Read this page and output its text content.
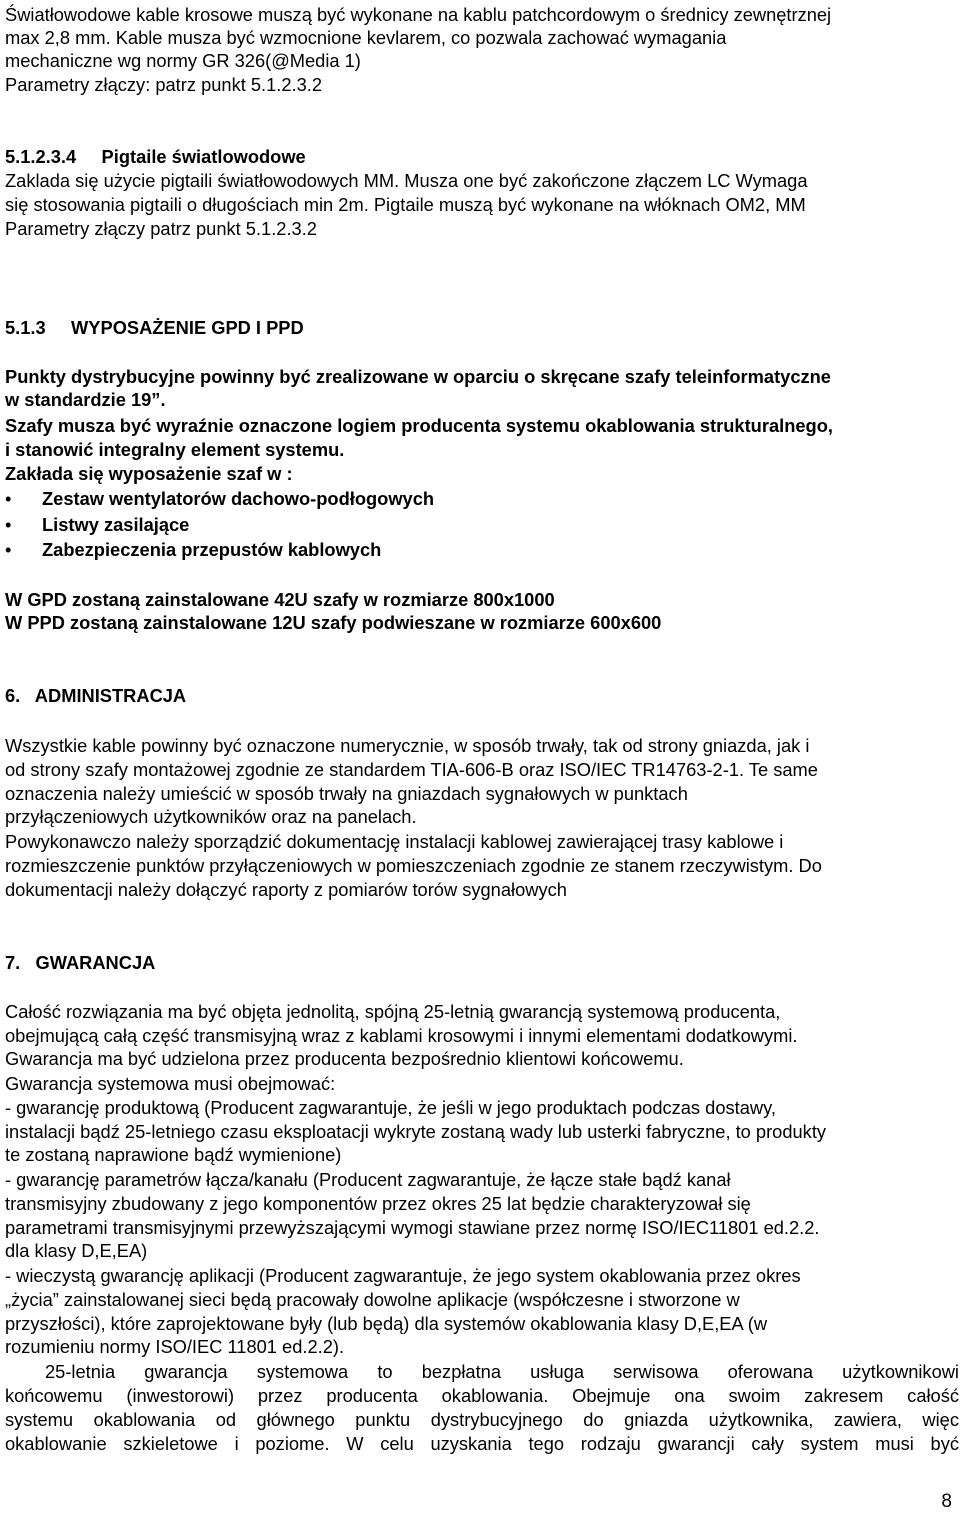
Światłowodowe kable krosowe muszą być wykonane na kablu patchcordowym o średnicy zewnętrznej

max 2,8 mm. Kable musza być wzmocnione kevlarem, co pozwala zachować wymagania

mechaniczne wg normy GR 326(@Media 1)

Parametry złączy: patrz punkt 5.1.2.3.2

5.1.2.3.4     Pigtaile światlowodowe

Zaklada się użycie pigtaili światłowodowych MM. Musza one być zakończone złączem LC Wymaga

się stosowania pigtaili o długościach min 2m. Pigtaile muszą być wykonane na włóknach OM2, MM

Parametry złączy patrz punkt 5.1.2.3.2

5.1.3     WYPOSAŻENIE GPD I PPD

Punkty dystrybucyjne powinny być zrealizowane w oparciu o skręcane szafy teleinformatyczne

w standardzie 19”.

Szafy musza być wyraźnie oznaczone logiem producenta systemu okablowania strukturalnego,

i stanowić integralny element systemu.

Zakłada się wyposażenie szaf w :

• Zestaw wentylatorów dachowo-podłogowych
• Listwy zasilające
• Zabezpieczenia przepustów kablowych

W GPD zostaną zainstalowane 42U szafy w rozmiarze 800x1000

W PPD zostaną zainstalowane 12U szafy podwieszane w rozmiarze 600x600

6.   ADMINISTRACJA

Wszystkie kable powinny być oznaczone numerycznie, w sposób trwały, tak od strony gniazda, jak i

od strony szafy montażowej zgodnie ze standardem TIA-606-B oraz ISO/IEC TR14763-2-1. Te same

oznaczenia należy umieścić w sposób trwały na gniazdach sygnałowych w punktach

przyłączeniowych użytkowników oraz na panelach.

Powykonawczo należy sporządzić dokumentację instalacji kablowej zawierającej trasy kablowe i

rozmieszczenie punktów przyłączeniowych w pomieszczeniach zgodnie ze stanem rzeczywistym. Do

dokumentacji należy dołączyć raporty z pomiarów torów sygnałowych

7.   GWARANCJA

Całość rozwiązania ma być objęta jednolitą, spójną 25-letnią gwarancją systemową producenta,

obejmującą całą część transmisyjną wraz z kablami krosowymi i innymi elementami dodatkowymi.

Gwarancja ma być udzielona przez producenta bezpośrednio klientowi końcowemu.

Gwarancja systemowa musi obejmować:

- gwarancję produktową (Producent zagwarantuje, że jeśli w jego produktach podczas dostawy,

instalacji bądź 25-letniego czasu eksploatacji wykryte zostaną wady lub usterki fabryczne, to produkty

te zostaną naprawione bądź wymienione)

- gwarancję parametrów łącza/kanału (Producent zagwarantuje, że łącze stałe bądź kanał

transmisyjny zbudowany z jego komponentów przez okres 25 lat będzie charakteryzował się

parametrami transmisyjnymi przewyższającymi wymogi stawiane przez normę ISO/IEC11801 ed.2.2.

dla klasy D,E,EA)

- wieczystą gwarancję aplikacji (Producent zagwarantuje, że jego system okablowania przez okres

„życia” zainstalowanej sieci będą pracowały dowolne aplikacje (współczesne i stworzone w

przyszłości), które zaprojektowane były (lub będą) dla systemów okablowania klasy D,E,EA (w

rozumieniu normy ISO/IEC 11801 ed.2.2).

25-letnia gwarancja systemowa to bezpłatna usługa serwisowa oferowana użytkownikowi

końcowemu (inwestorowi) przez producenta okablowania. Obejmuje ona swoim zakresem całość

systemu okablowania od głównego punktu dystrybucyjnego do gniazda użytkownika, zawiera, więc

okablowanie szkieletowe i poziome. W celu uzyskania tego rodzaju gwarancji cały system musi być

8
